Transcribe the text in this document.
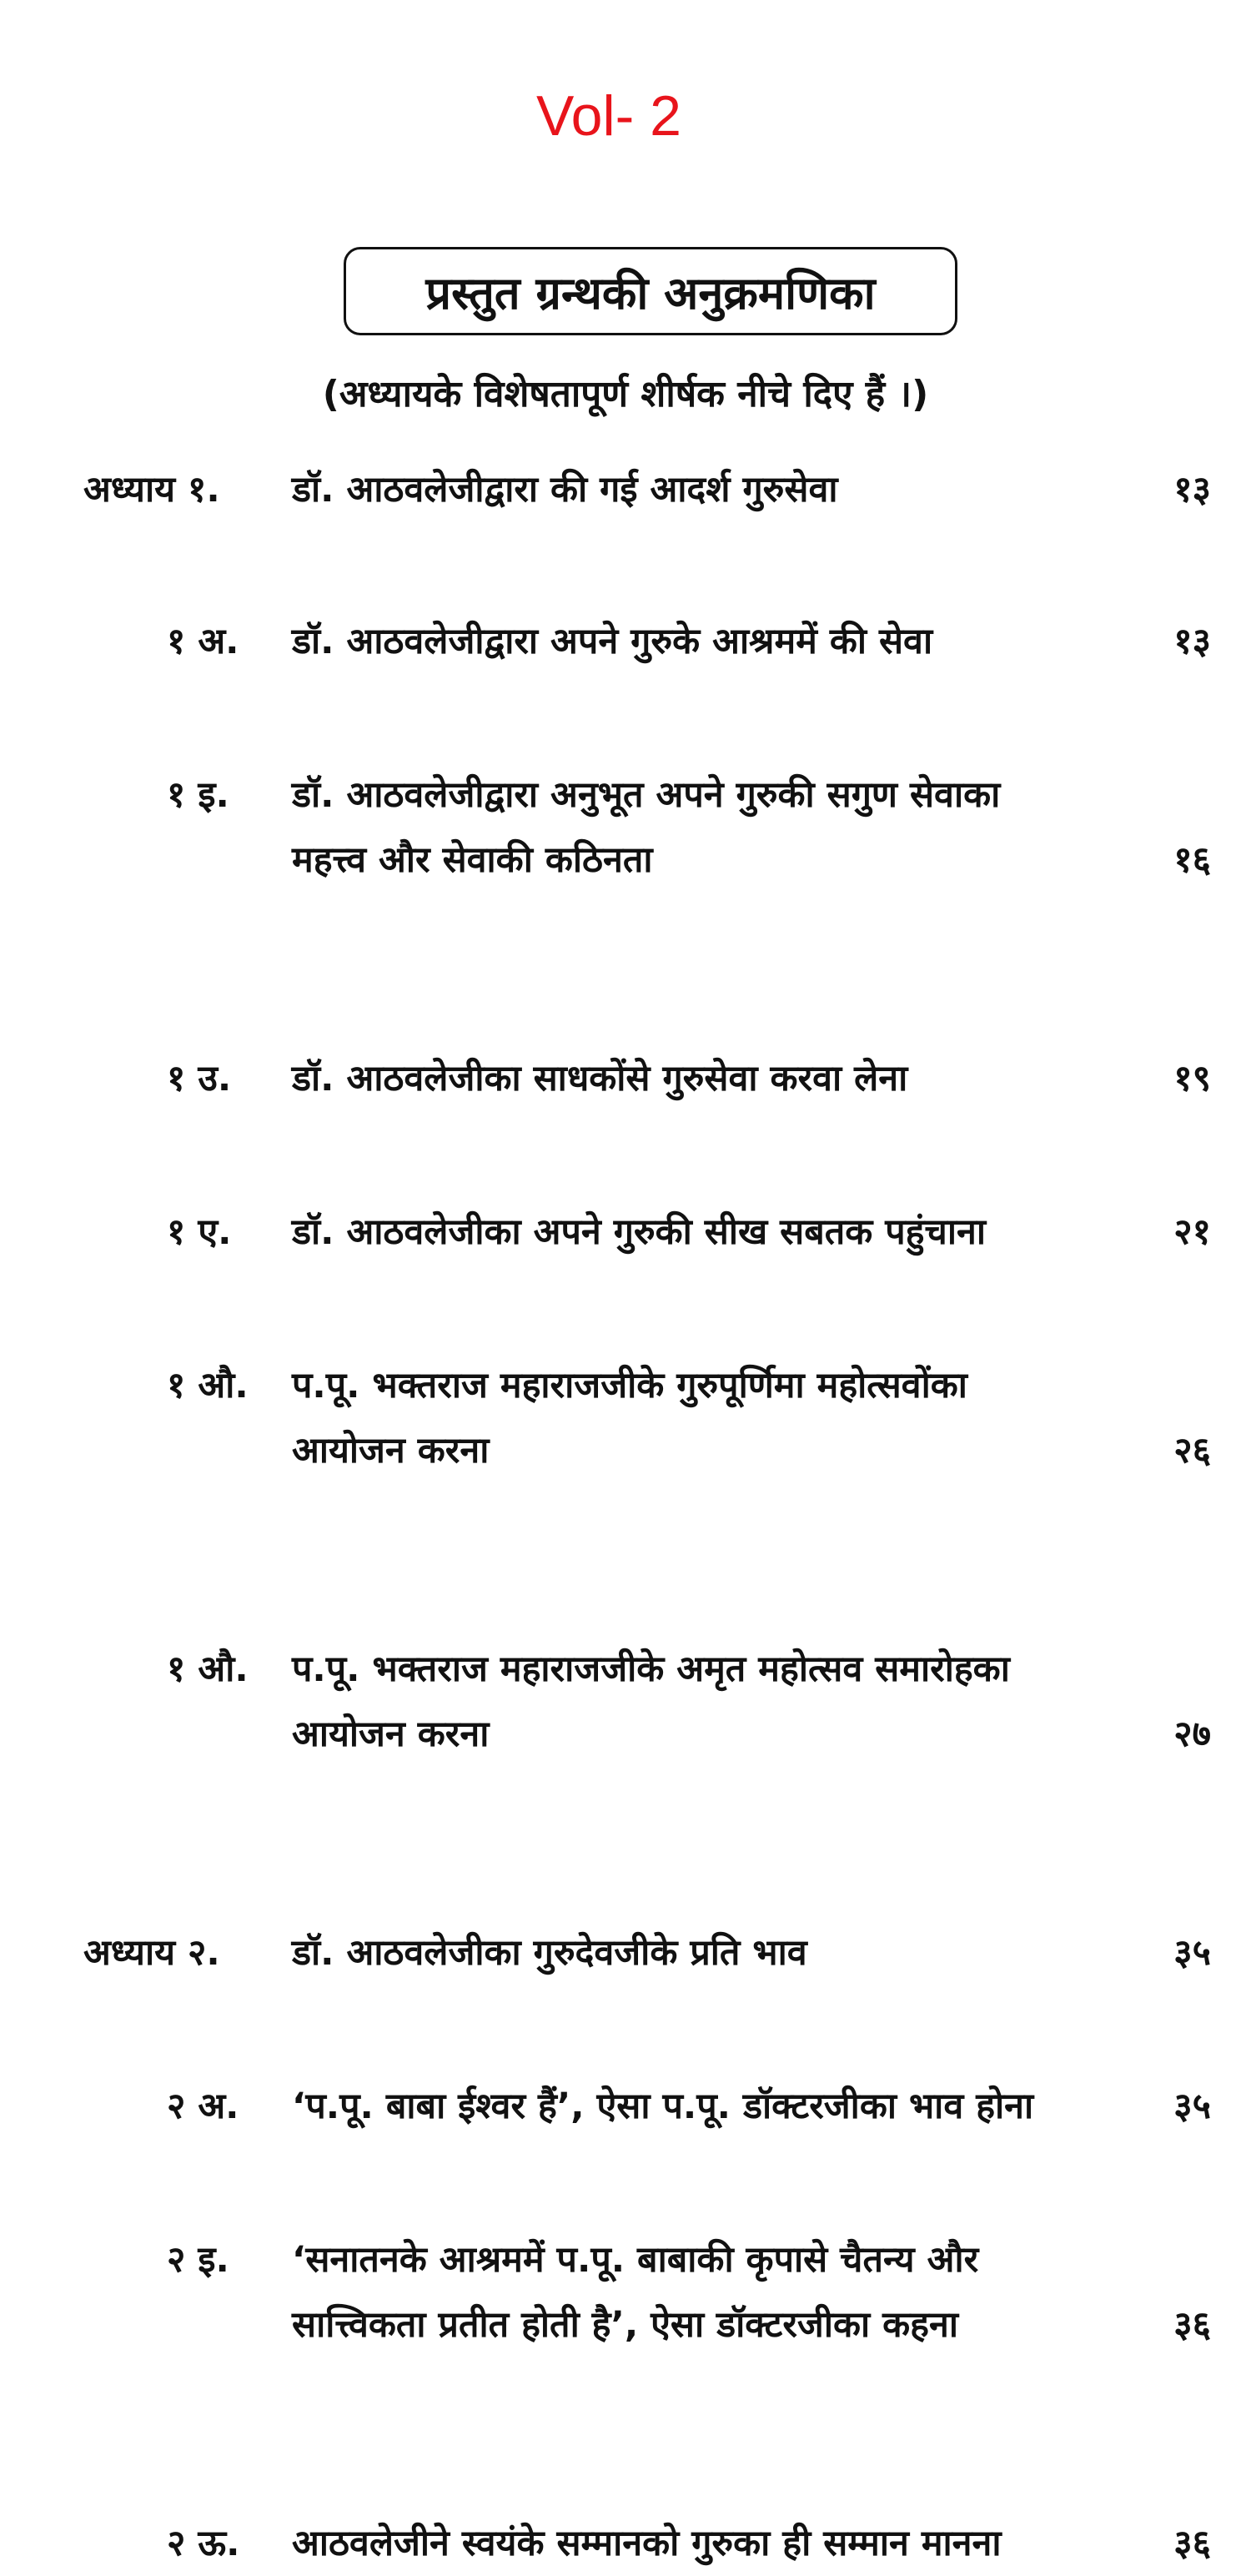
Vol- 2
प्रस्तुत ग्रन्थकी अनुक्रमणिका
(अध्यायके विशेषतापूर्ण शीर्षक नीचे दिए हैं ।)
अध्याय १.	डॉ. आठवलेजीद्वारा की गई आदर्श गुरुसेवा	१३
१ अ.	डॉ. आठवलेजीद्वारा अपने गुरुके आश्रममें की सेवा	१३
१ इ.	डॉ. आठवलेजीद्वारा अनुभूत अपने गुरुकी सगुण सेवाका
महत्त्व और सेवाकी कठिनता	१६
१ उ.	डॉ. आठवलेजीका साधकोंसे गुरुसेवा करवा लेना	१९
१ ए.	डॉ. आठवलेजीका अपने गुरुकी सीख सबतक पहुंचाना	२१
१ औ.	प.पू. भक्तराज महाराजजीके गुरुपूर्णिमा महोत्सवोंका
आयोजन करना	२६
१ औ.	प.पू. भक्तराज महाराजजीके अमृत महोत्सव समारोहका
आयोजन करना	२७
अध्याय २.	डॉ. आठवलेजीका गुरुदेवजीके प्रति भाव	३५
२ अ.	‘प.पू. बाबा ईश्वर हैं’, ऐसा प.पू. डॉक्टरजीका भाव होना	३५
२ इ.	‘सनातनके आश्रममें प.पू. बाबाकी कृपासे चैतन्य और
सात्त्विकता प्रतीत होती है’, ऐसा डॉक्टरजीका कहना	३६
२ ऊ.	आठवलेजीने स्वयंके सम्मानको गुरुका ही सम्मान मानना	३६
